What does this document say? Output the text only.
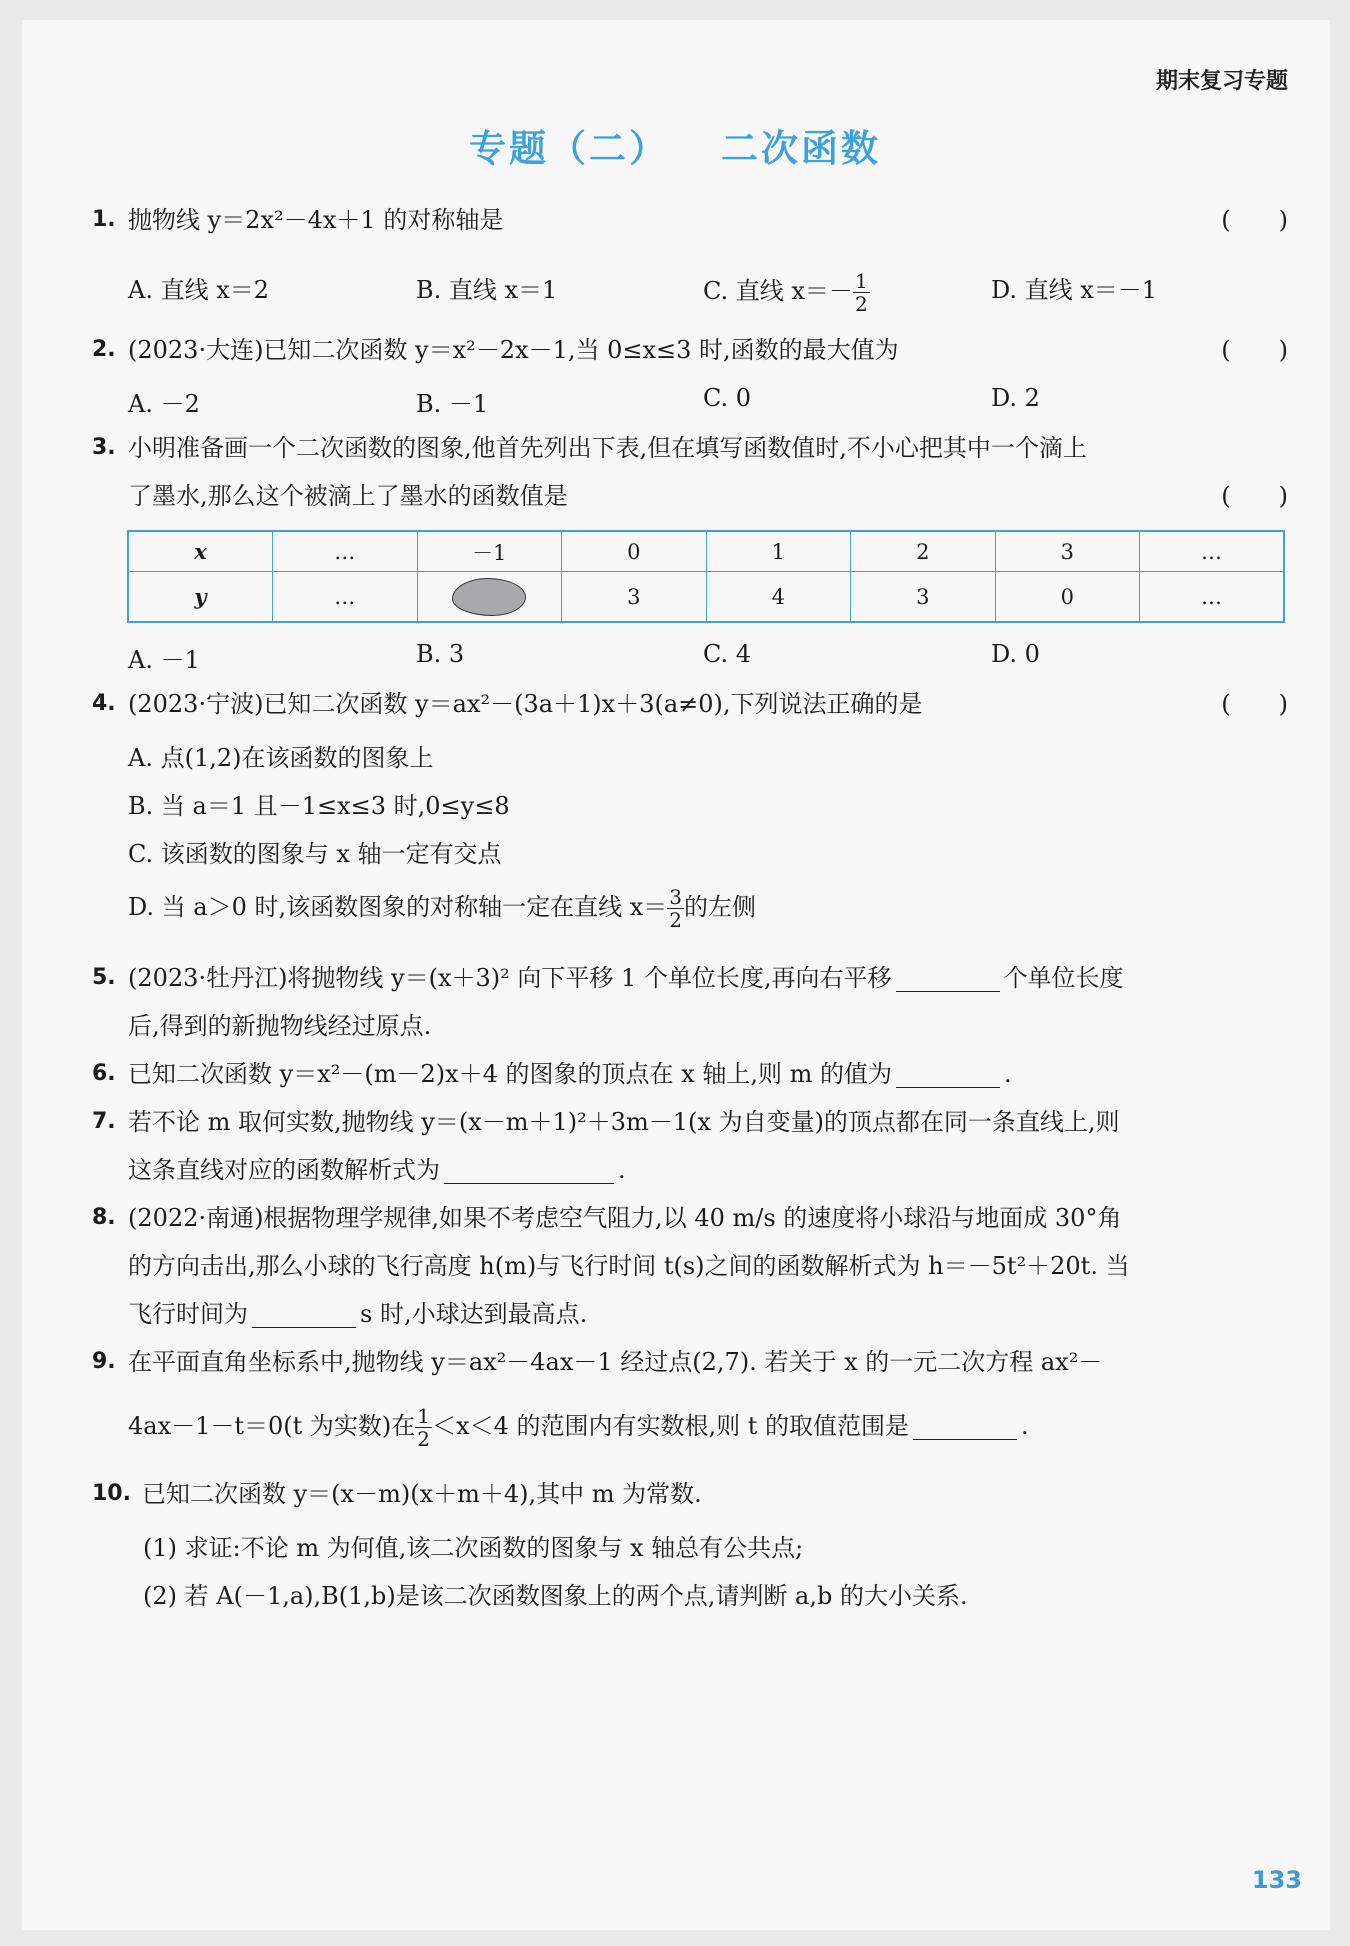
期末复习专题
专题（二） 二次函数
1. 抛物线 y＝2x²－4x＋1 的对称轴是	(　　)
A. 直线 x＝2	B. 直线 x＝1	C. 直线 $x=- \frac{1}{2}$	D. 直线 x＝－1
2. (2023·大连)已知二次函数 y＝x²－2x－1,当 0≤x≤3 时,函数的最大值为	(　　)
A. －2	B. －1	C. 0	D. 2
3. 小明准备画一个二次函数的图象,他首先列出下表,但在填写函数值时,不小心把其中一个滴上
了墨水,那么这个被滴上了墨水的函数值是	(　　)
x	…	－1	0	1	2	3	…
y	…		3	4	3	0	…
A. －1	B. 3	C. 4	D. 0
4. (2023·宁波)已知二次函数 y＝ax²－(3a＋1)x＋3(a≠0),下列说法正确的是	(　　)
A. 点(1,2)在该函数的图象上
B. 当 a＝1 且－1≤x≤3 时,0≤y≤8
C. 该函数的图象与 x 轴一定有交点
D. 当 a＞0 时,该函数图象的对称轴一定在直线 $x= \frac{3}{2}$ 的左侧
5. (2023·牡丹江)将抛物线 y＝(x＋3)² 向下平移 1 个单位长度,再向右平移	个单位长度
后,得到的新抛物线经过原点.
6. 已知二次函数 y＝x²－(m－2)x＋4 的图象的顶点在 x 轴上,则 m 的值为	.
7. 若不论 m 取何实数,抛物线 y＝(x－m＋1)²＋3m－1(x 为自变量)的顶点都在同一条直线上,则
这条直线对应的函数解析式为	.
8. (2022·南通)根据物理学规律,如果不考虑空气阻力,以 40 m/s 的速度将小球沿与地面成 30°角
的方向击出,那么小球的飞行高度 h(m)与飞行时间 t(s)之间的函数解析式为 h＝－5t²＋20t. 当
飞行时间为	s 时,小球达到最高点.
9. 在平面直角坐标系中,抛物线 y＝ax²－4ax－1 经过点(2,7). 若关于 x 的一元二次方程 ax²－
4ax－1－t＝0(t 为实数)在 $\frac{1}{2} <x<4$ 的范围内有实数根,则 t 的取值范围是	.
10. 已知二次函数 y＝(x－m)(x＋m＋4),其中 m 为常数.
(1) 求证:不论 m 为何值,该二次函数的图象与 x 轴总有公共点;
(2) 若 A(－1,a),B(1,b)是该二次函数图象上的两个点,请判断 a,b 的大小关系.
133
